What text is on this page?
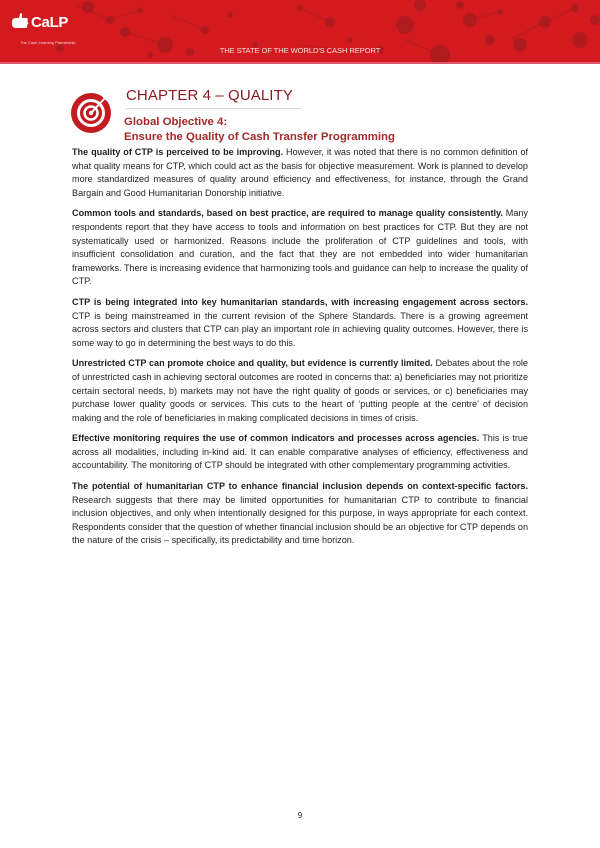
CaLP
The Cash Learning Partnership
THE STATE OF THE WORLD'S CASH REPORT
CHAPTER 4 – QUALITY
Global Objective 4:
Ensure the Quality of Cash Transfer Programming

The quality of CTP is perceived to be improving. However, it was noted that there is no common definition of what quality means for CTP, which could act as the basis for objective measurement. Work is planned to develop more standardized measures of quality around efficiency and effectiveness, for instance, through the Grand Bargain and Good Humanitarian Donorship initiative.

Common tools and standards, based on best practice, are required to manage quality consistently. Many respondents report that they have access to tools and information on best practices for CTP. But they are not systematically used or harmonized. Reasons include the proliferation of CTP guidelines and tools, with insufficient consolidation and curation, and the fact that they are not embedded into wider humanitarian frameworks. There is increasing evidence that harmonizing tools and guidance can help to increase the quality of CTP.

CTP is being integrated into key humanitarian standards, with increasing engagement across sectors. CTP is being mainstreamed in the current revision of the Sphere Standards. There is a growing agreement across sectors and clusters that CTP can play an important role in achieving quality outcomes. However, there is some way to go in determining the best ways to do this.

Unrestricted CTP can promote choice and quality, but evidence is currently limited. Debates about the role of unrestricted cash in achieving sectoral outcomes are rooted in concerns that: a) beneficiaries may not prioritize certain sectoral needs, b) markets may not have the right quality of goods or services, or c) beneficiaries may purchase lower quality goods or services. This cuts to the heart of ‘putting people at the centre’ of decision making and the role of beneficiaries in making complicated decisions in times of crisis.

Effective monitoring requires the use of common indicators and processes across agencies. This is true across all modalities, including in-kind aid. It can enable comparative analyses of efficiency, effectiveness and accountability. The monitoring of CTP should be integrated with other complementary programming activities.

The potential of humanitarian CTP to enhance financial inclusion depends on context-specific factors. Research suggests that there may be limited opportunities for humanitarian CTP to contribute to financial inclusion objectives, and only when intentionally designed for this purpose, in ways appropriate for each context. Respondents consider that the question of whether financial inclusion should be an objective for CTP depends on the nature of the crisis – specifically, its predictability and time horizon.

9
